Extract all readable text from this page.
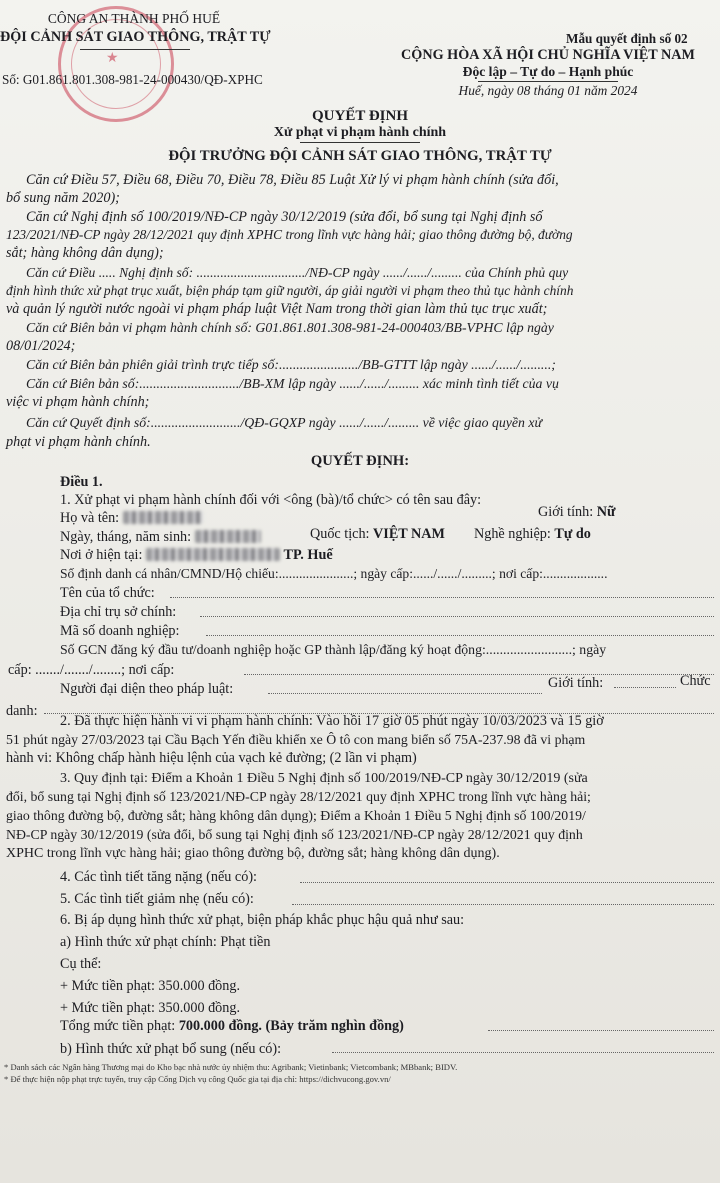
★
CÔNG AN THÀNH PHỐ HUẾ
ĐỘI CẢNH SÁT GIAO THÔNG, TRẬT TỰ
Số: G01.861.801.308-981-24-000430/QĐ-XPHC
Mẫu quyết định số 02
CỘNG HÒA XÃ HỘI CHỦ NGHĨA VIỆT NAM
Độc lập – Tự do – Hạnh phúc
Huế, ngày 08 tháng 01 năm 2024
QUYẾT ĐỊNH
Xử phạt vi phạm hành chính
ĐỘI TRƯỞNG ĐỘI CẢNH SÁT GIAO THÔNG, TRẬT TỰ
Căn cứ Điều 57, Điều 68, Điều 70, Điều 78, Điều 85 Luật Xử lý vi phạm hành chính (sửa đổi,
bổ sung năm 2020);
Căn cứ Nghị định số 100/2019/NĐ-CP ngày 30/12/2019 (sửa đổi, bổ sung tại Nghị định số
123/2021/NĐ-CP ngày 28/12/2021 quy định XPHC trong lĩnh vực hàng hải; giao thông đường bộ, đường
sắt; hàng không dân dụng);
Căn cứ Điều ..... Nghị định số: ................................/NĐ-CP ngày ....../....../......... của Chính phủ quy
định hình thức xử phạt trục xuất, biện pháp tạm giữ người, áp giải người vi phạm theo thủ tục hành chính
và quản lý người nước ngoài vi phạm pháp luật Việt Nam trong thời gian làm thủ tục trục xuất;
Căn cứ Biên bản vi phạm hành chính số: G01.861.801.308-981-24-000403/BB-VPHC lập ngày
08/01/2024;
Căn cứ Biên bản phiên giải trình trực tiếp số:......................./BB-GTTT lập ngày ....../....../.........;
Căn cứ Biên bản số:............................./BB-XM lập ngày ....../....../......... xác minh tình tiết của vụ
việc vi phạm hành chính;
Căn cứ Quyết định số:........................../QĐ-GQXP ngày ....../....../......... về việc giao quyền xử
phạt vi phạm hành chính.
QUYẾT ĐỊNH:
Điều 1.
1. Xử phạt vi phạm hành chính đối với <ông (bà)/tổ chức> có tên sau đây:
Họ và tên:	Giới tính: Nữ
Ngày, tháng, năm sinh:	Quốc tịch: VIỆT NAM Nghề nghiệp: Tự do
Nơi ở hiện tại:	TP. Huế
Số định danh cá nhân/CMND/Hộ chiếu:......................; ngày cấp:....../....../.........; nơi cấp:...................
Tên của tổ chức:
Địa chỉ trụ sở chính:
Mã số doanh nghiệp:
Số GCN đăng ký đầu tư/doanh nghiệp hoặc GP thành lập/đăng ký hoạt động:.........................; ngày
cấp: ......./......./........; nơi cấp:
Người đại diện theo pháp luật:	Giới tính:	Chức
danh:
2. Đã thực hiện hành vi vi phạm hành chính: Vào hồi 17 giờ 05 phút ngày 10/03/2023 và 15 giờ
51 phút ngày 27/03/2023 tại Cầu Bạch Yến điều khiển xe Ô tô con mang biển số 75A-237.98 đã vi phạm
hành vi: Không chấp hành hiệu lệnh của vạch kẻ đường; (2 lần vi phạm)
3. Quy định tại: Điểm a Khoản 1 Điều 5 Nghị định số 100/2019/NĐ-CP ngày 30/12/2019 (sửa
đổi, bổ sung tại Nghị định số 123/2021/NĐ-CP ngày 28/12/2021 quy định XPHC trong lĩnh vực hàng hải;
giao thông đường bộ, đường sắt; hàng không dân dụng); Điểm a Khoản 1 Điều 5 Nghị định số 100/2019/
NĐ-CP ngày 30/12/2019 (sửa đổi, bổ sung tại Nghị định số 123/2021/NĐ-CP ngày 28/12/2021 quy định
XPHC trong lĩnh vực hàng hải; giao thông đường bộ, đường sắt; hàng không dân dụng).
4. Các tình tiết tăng nặng (nếu có):
5. Các tình tiết giảm nhẹ (nếu có):
6. Bị áp dụng hình thức xử phạt, biện pháp khắc phục hậu quả như sau:
a) Hình thức xử phạt chính: Phạt tiền
Cụ thể:
+ Mức tiền phạt: 350.000 đồng.
+ Mức tiền phạt: 350.000 đồng.
Tổng mức tiền phạt: 700.000 đồng. (Bảy trăm nghìn đồng)
b) Hình thức xử phạt bổ sung (nếu có):
* Danh sách các Ngân hàng Thương mại do Kho bạc nhà nước ủy nhiệm thu: Agribank; Vietinbank; Vietcombank; MBbank; BIDV.
* Để thực hiện nộp phạt trực tuyến, truy cập Cổng Dịch vụ công Quốc gia tại địa chỉ: https://dichvucong.gov.vn/
